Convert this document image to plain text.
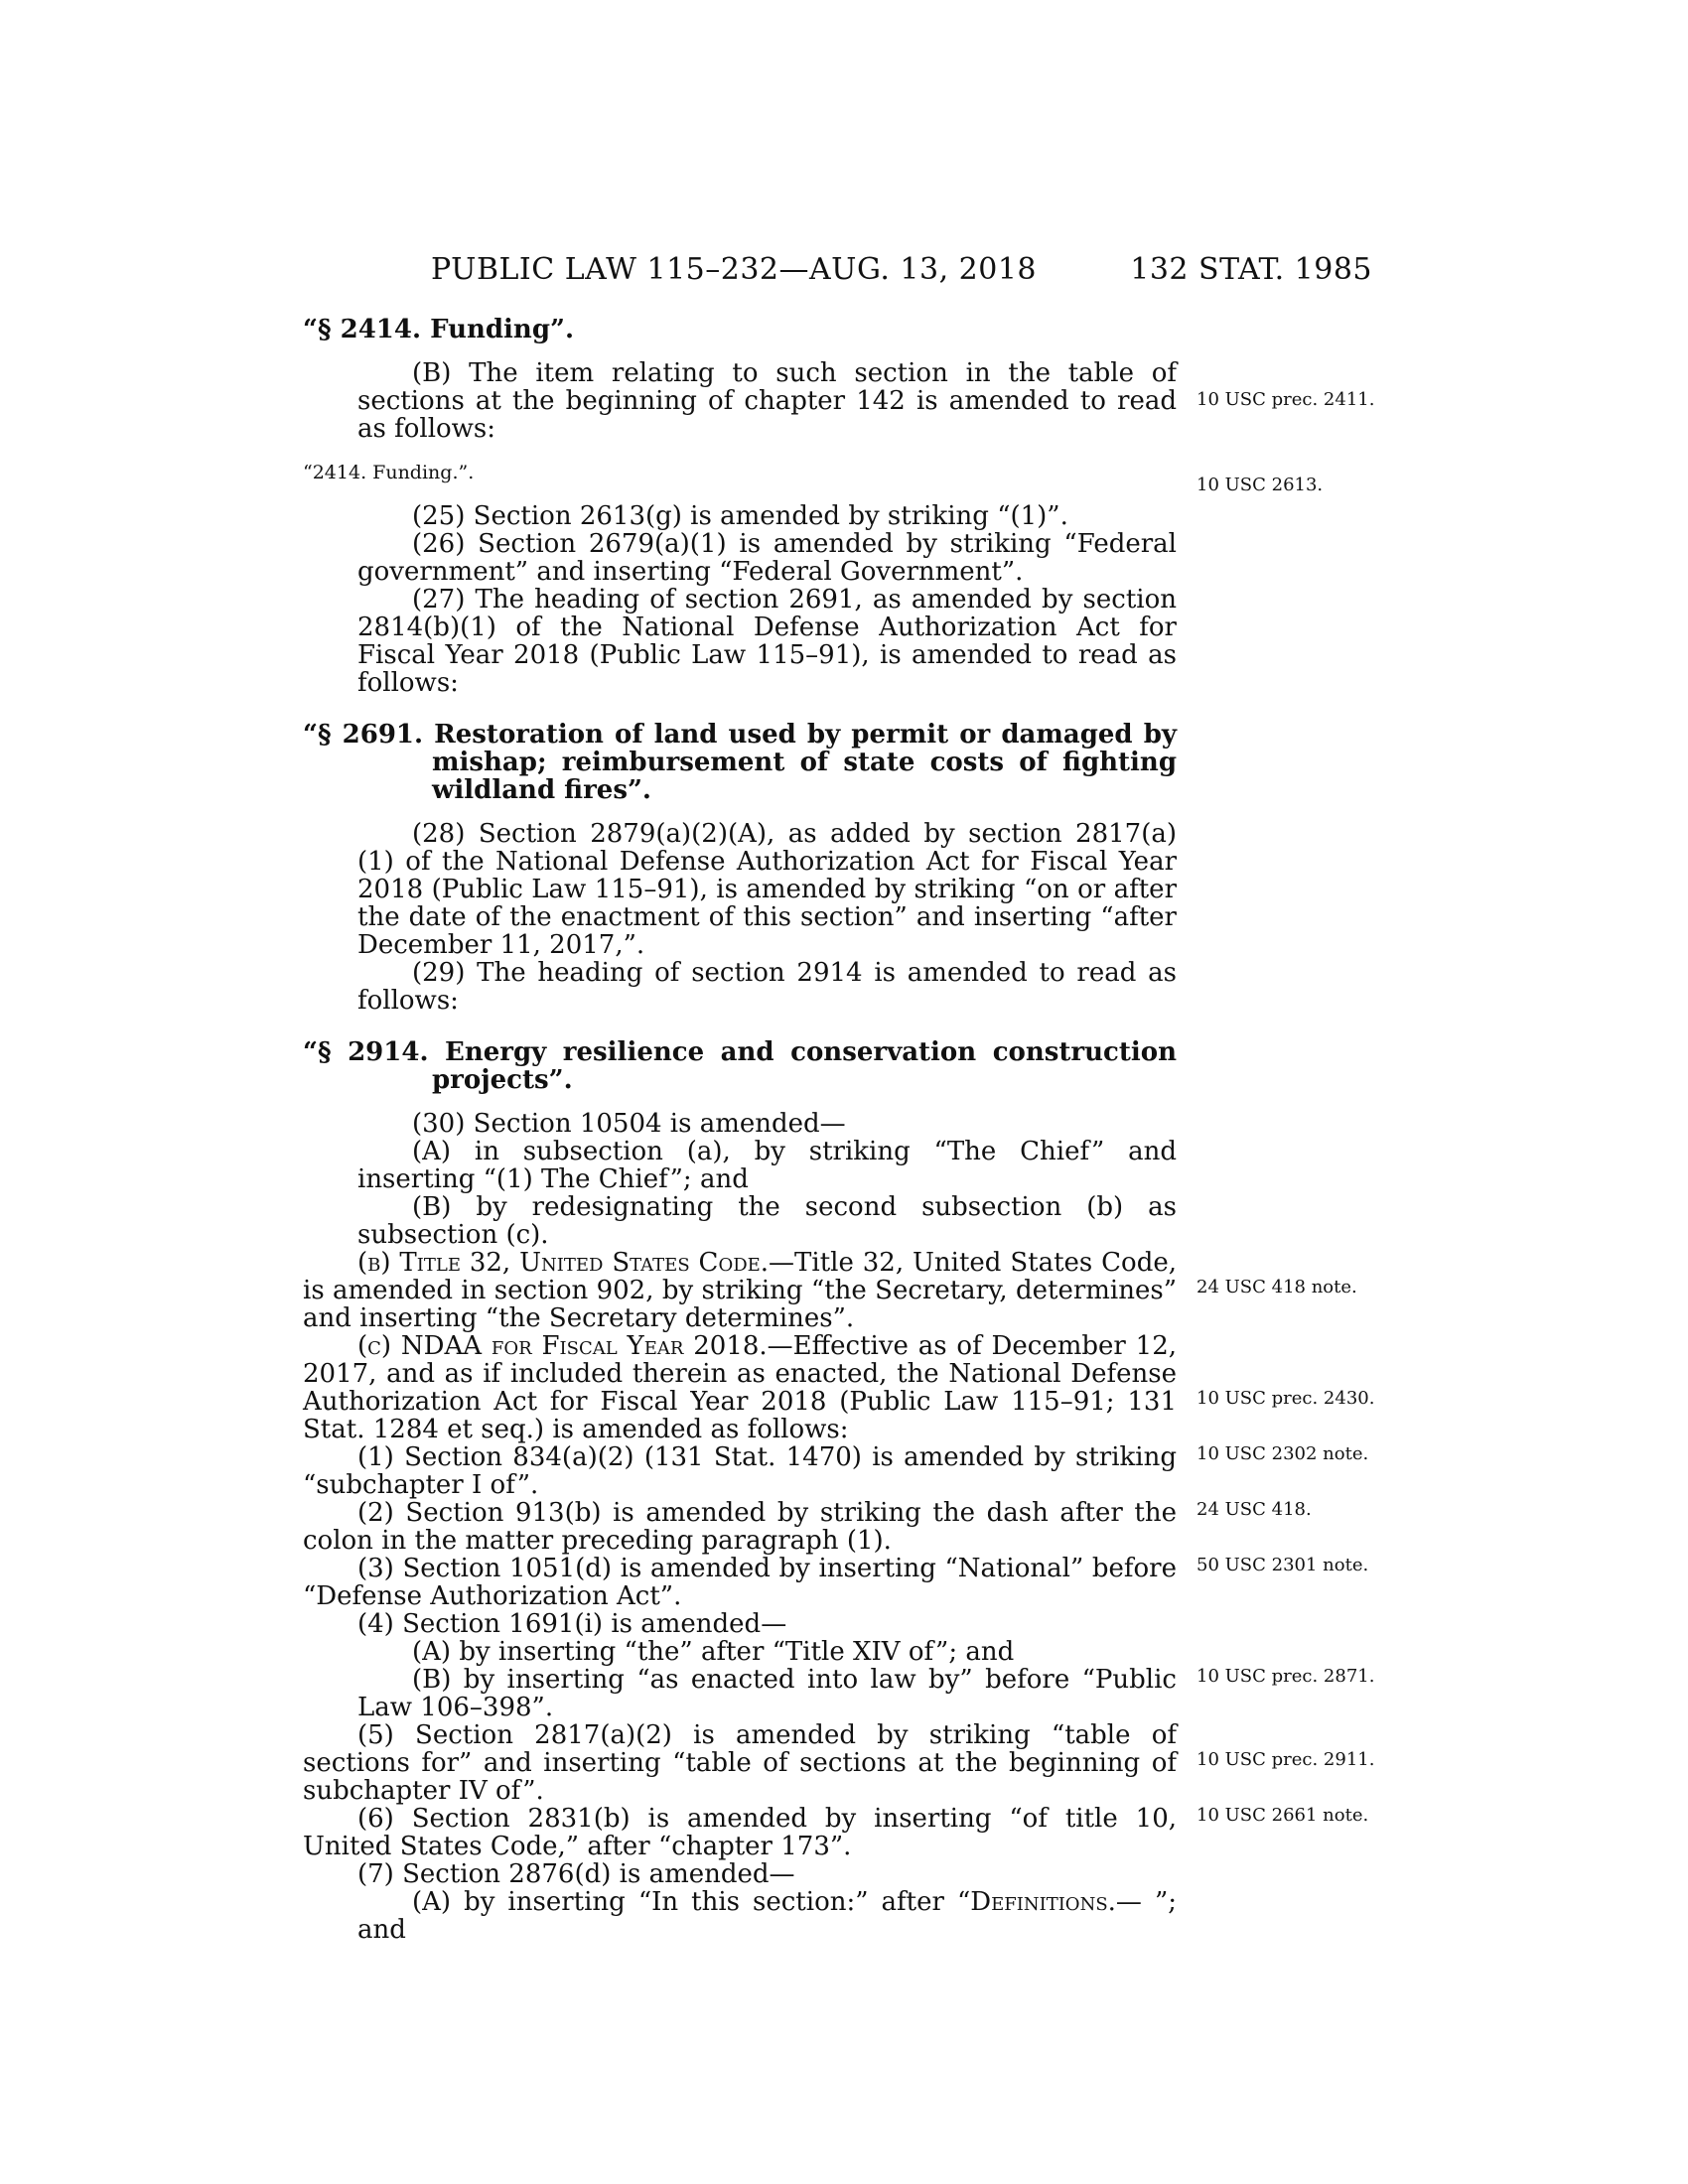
PUBLIC LAW 115–232—AUG. 13, 2018	132 STAT. 1985

“§ 2414. Funding”.

(B) The item relating to such section in the table of sections at the beginning of chapter 142 is amended to read as follows:

“2414. Funding.”.

(25) Section 2613(g) is amended by striking “(1)”.

(26) Section 2679(a)(1) is amended by striking “Federal government” and inserting “Federal Government”.

(27) The heading of section 2691, as amended by section 2814(b)(1) of the National Defense Authorization Act for Fiscal Year 2018 (Public Law 115–91), is amended to read as follows:

“§ 2691. Restoration of land used by permit or damaged by mishap; reimbursement of state costs of fighting wildland fires”.

(28) Section 2879(a)(2)(A), as added by section 2817(a)(1) of the National Defense Authorization Act for Fiscal Year 2018 (Public Law 115–91), is amended by striking “on or after the date of the enactment of this section” and inserting “after December 11, 2017,”.

(29) The heading of section 2914 is amended to read as follows:

“§ 2914. Energy resilience and conservation construction projects”.

(30) Section 10504 is amended—

(A) in subsection (a), by striking “The Chief” and inserting “(1) The Chief”; and

(B) by redesignating the second subsection (b) as subsection (c).

(b) Title 32, United States Code.—Title 32, United States Code, is amended in section 902, by striking “the Secretary, determines” and inserting “the Secretary determines”.

(c) NDAA for Fiscal Year 2018.—Effective as of December 12, 2017, and as if included therein as enacted, the National Defense Authorization Act for Fiscal Year 2018 (Public Law 115–91; 131 Stat. 1284 et seq.) is amended as follows:

(1) Section 834(a)(2) (131 Stat. 1470) is amended by striking “subchapter I of”.

(2) Section 913(b) is amended by striking the dash after the colon in the matter preceding paragraph (1).

(3) Section 1051(d) is amended by inserting “National” before “Defense Authorization Act”.

(4) Section 1691(i) is amended—

(A) by inserting “the” after “Title XIV of”; and

(B) by inserting “as enacted into law by” before “Public Law 106–398”.

(5) Section 2817(a)(2) is amended by striking “table of sections for” and inserting “table of sections at the beginning of subchapter IV of”.

(6) Section 2831(b) is amended by inserting “of title 10, United States Code,” after “chapter 173”.

(7) Section 2876(d) is amended—

(A) by inserting “In this section:” after “Definitions.— ”; and

10 USC prec. 2411.
10 USC 2613.
24 USC 418 note.
10 USC prec. 2430.
10 USC 2302 note.
24 USC 418.
50 USC 2301 note.
10 USC prec. 2871.
10 USC prec. 2911.
10 USC 2661 note.
